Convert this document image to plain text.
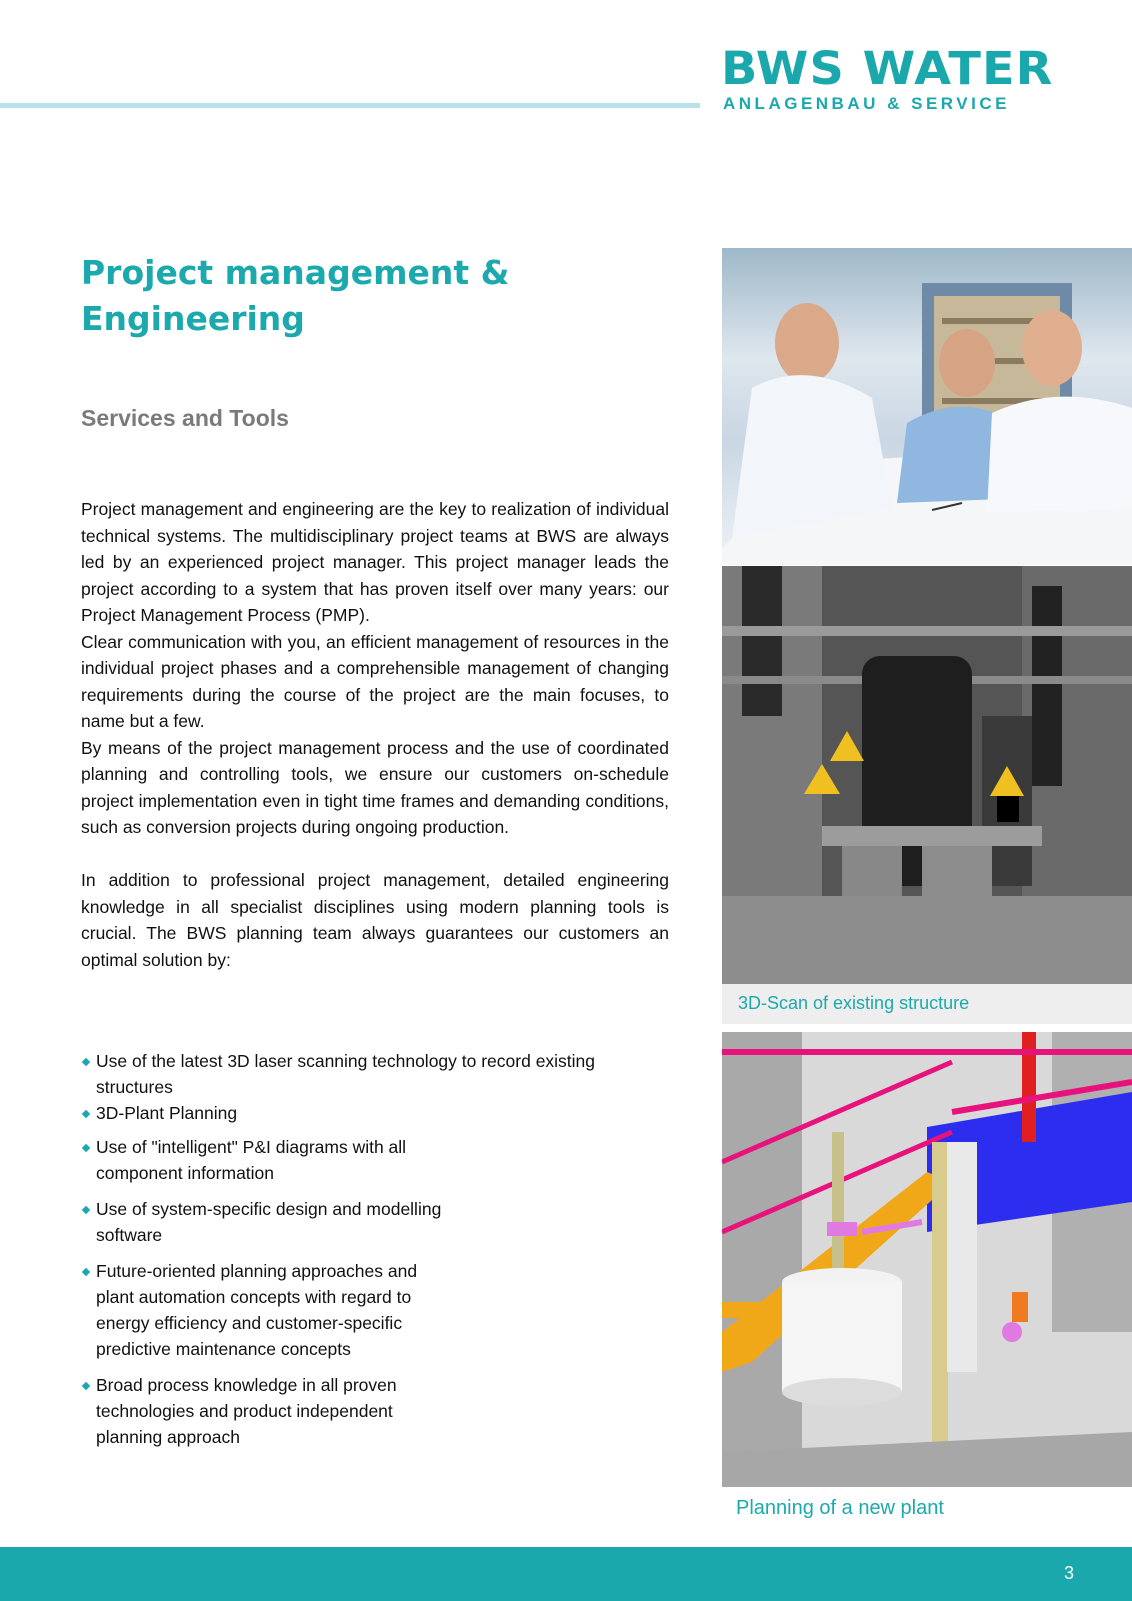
BWS WATER
ANLAGENBAU & SERVICE
Project management & Engineering
Services and Tools

Project management and engineering are the key to realization of individual technical systems. The multidisciplinary project teams at BWS are always led by an experienced project manager. This project manager leads the project according to a system that has proven itself over many years: our Project Management Process (PMP).

Clear communication with you, an efficient management of resources in the individual project phases and a comprehensible management of changing requirements during the course of the project are the main focuses, to name but a few.

By means of the project management process and the use of coordinated planning and controlling tools, we ensure our customers on-schedule project implementation even in tight time frames and demanding conditions, such as conversion projects during ongoing production.

In addition to professional project management, detailed engineering knowledge in all specialist disciplines using modern planning tools is crucial. The BWS planning team always guarantees our customers an optimal solution by:

Use of the latest 3D laser scanning technology to record existing
structures
3D-Plant Planning
Use of "intelligent" P&I diagrams with all
component information
Use of system-specific design and modelling
software
Future-oriented planning approaches and
plant automation concepts with regard to
energy efficiency and customer-specific
predictive maintenance concepts
Broad process knowledge in all proven
technologies and product independent
planning approach
3D-Scan of existing structure
Planning of a new plant
3
